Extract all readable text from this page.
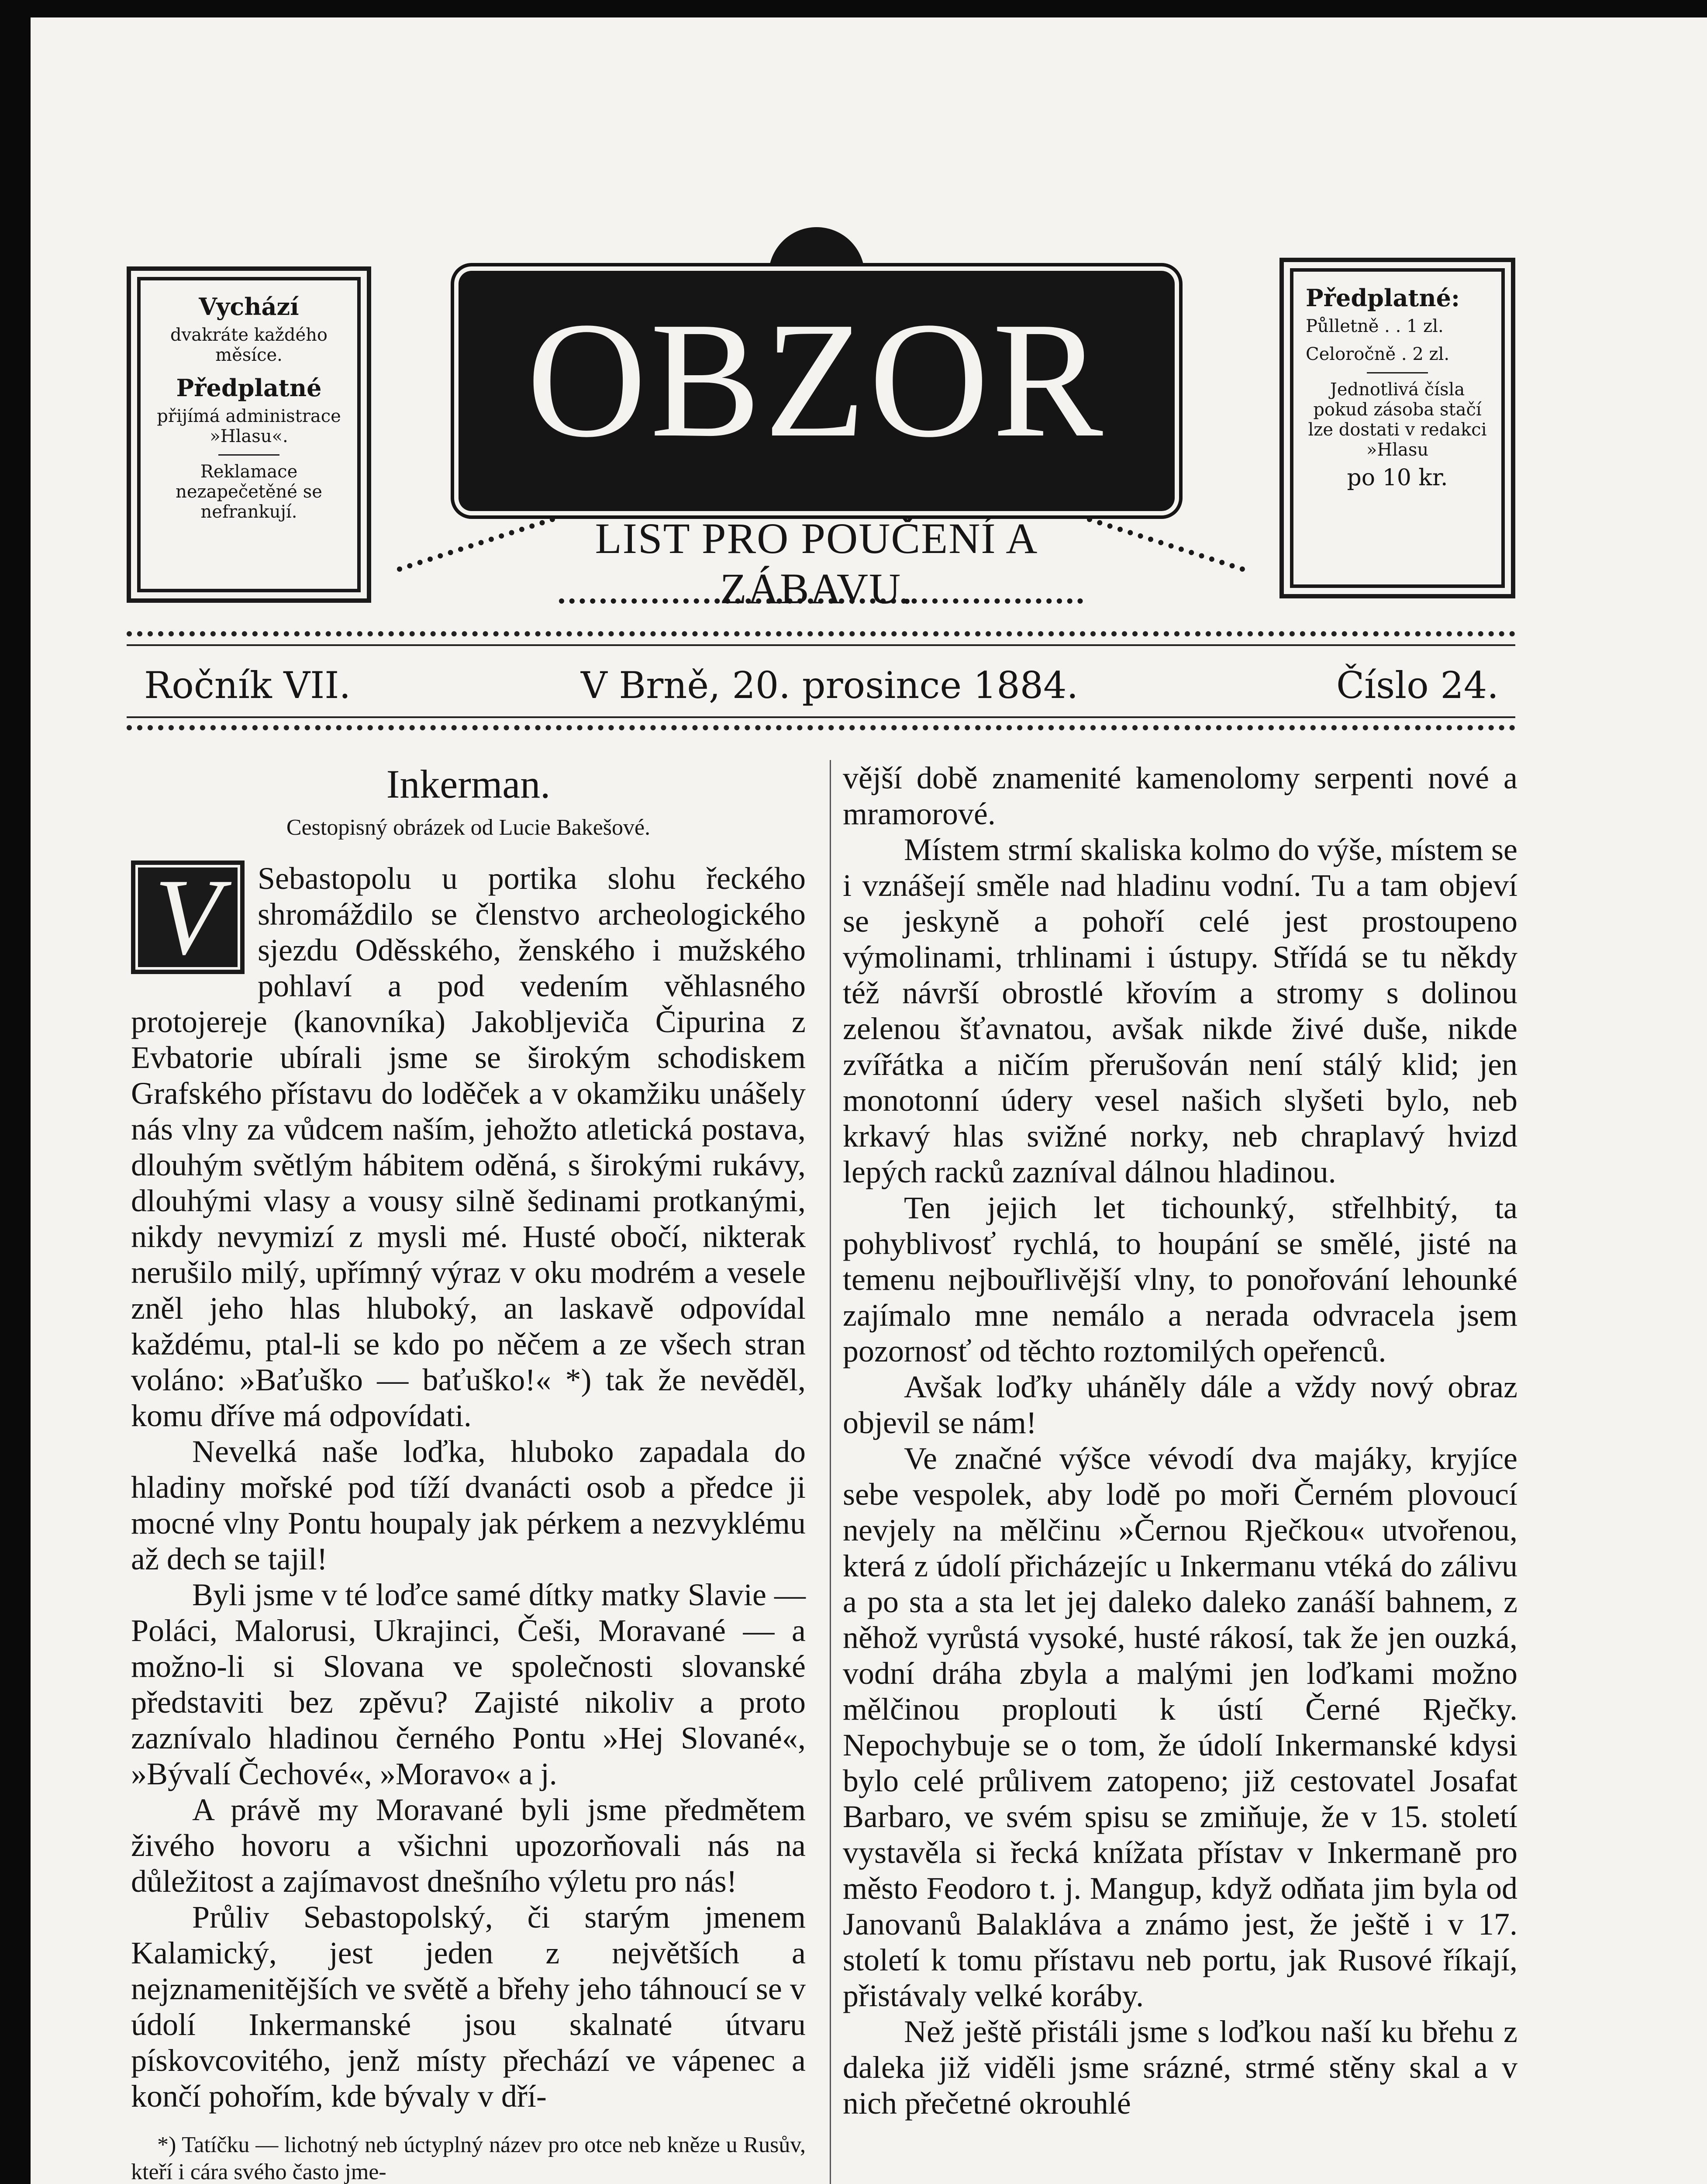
Vychází

dvakráte každého měsíce.

Předplatné

přijímá administrace »Hlasu«.

Reklamace nezapečetěné se nefrankují.

OBZOR
LIST PRO POUČENÍ A ZÁBAVU.
Předplatné:

Půlletně . . 1 zl.

Celoročně . 2 zl.

Jednotlivá čísla pokud zásoba stačí lze dostati v redakci »Hlasu

po 10 kr.

Ročník VII.	V Brně, 20. prosince 1884.	Číslo 24.

Inkerman.

Cestopisný obrázek od Lucie Bakešové.

V	Sebastopolu u portika slohu řeckého shromáždilo se členstvo archeologického sjezdu Oděsského, ženského i mužského pohlaví a pod vedením věhlasného protojereje (kanovníka) Jakobljeviča Čipurina z Evbatorie ubírali jsme se širokým schodiskem Grafského přístavu do loděček a v okamžiku unášely nás vlny za vůdcem naším, jehožto atletická postava, dlouhým světlým hábitem oděná, s širokými rukávy, dlouhými vlasy a vousy silně šedinami protkanými, nikdy nevymizí z mysli mé. Husté obočí, nikterak nerušilo milý, upřímný výraz v oku modrém a vesele zněl jeho hlas hluboký, an laskavě odpovídal každému, ptal-li se kdo po něčem a ze všech stran voláno: »Baťuško — baťuško!« *) tak že nevěděl, komu dříve má odpovídati.

Nevelká naše loďka, hluboko zapadala do hladiny mořské pod tíží dvanácti osob a předce ji mocné vlny Pontu houpaly jak pérkem a nezvyklému až dech se tajil!

Byli jsme v té loďce samé dítky matky Slavie — Poláci, Malorusi, Ukrajinci, Češi, Moravané — a možno-li si Slovana ve společnosti slovanské představiti bez zpěvu? Zajisté nikoliv a proto zaznívalo hladinou černého Pontu »Hej Slované«, »Bývalí Čechové«, »Moravo« a j.

A právě my Moravané byli jsme předmětem živého hovoru a všichni upozorňovali nás na důležitost a zajímavost dnešního výletu pro nás!

Průliv Sebastopolský, či starým jmenem Kalamický, jest jeden z největších a nejznamenitějších ve světě a břehy jeho táhnoucí se v údolí Inkermanské jsou skalnaté útvaru pískovcovitého, jenž místy přechází ve vápenec a končí pohořím, kde bývaly v dří-

*) Tatíčku — lichotný neb úctyplný název pro otce neb kněze u Rusův, kteří i cára svého často jme-

vější době znamenité kamenolomy serpenti nové a mramorové.

Místem strmí skaliska kolmo do výše, místem se i vznášejí směle nad hladinu vodní. Tu a tam objeví se jeskyně a pohoří celé jest prostoupeno výmolinami, trhlinami i ústupy. Střídá se tu někdy též návrší obrostlé křovím a stromy s dolinou zelenou šťavnatou, avšak nikde živé duše, nikde zvířátka a ničím přerušován není stálý klid; jen monotonní údery vesel našich slyšeti bylo, neb krkavý hlas svižné norky, neb chraplavý hvizd lepých racků zazníval dálnou hladinou.

Ten jejich let tichounký, střelhbitý, ta pohyblivosť rychlá, to houpání se smělé, jisté na temenu nejbouřlivější vlny, to ponořování lehounké zajímalo mne nemálo a nerada odvracela jsem pozornosť od těchto roztomilých opeřenců.

Avšak loďky uháněly dále a vždy nový obraz objevil se nám!

Ve značné výšce vévodí dva majáky, kryjíce sebe vespolek, aby lodě po moři Černém plovoucí nevjely na mělčinu »Černou Rječkou« utvořenou, která z údolí přicházejíc u Inkermanu vtéká do zálivu a po sta a sta let jej daleko daleko zanáší bahnem, z něhož vyrůstá vysoké, husté rákosí, tak že jen ouzká, vodní dráha zbyla a malými jen loďkami možno mělčinou proplouti k ústí Černé Rječky. Nepochybuje se o tom, že údolí Inkermanské kdysi bylo celé průlivem zatopeno; již cestovatel Josafat Barbaro, ve svém spisu se zmiňuje, že v 15. století vystavěla si řecká knížata přístav v Inkermaně pro město Feodoro t. j. Mangup, když odňata jim byla od Janovanů Balakláva a známo jest, že ještě i v 17. století k tomu přístavu neb portu, jak Rusové říkají, přistávaly velké koráby.

Než ještě přistáli jsme s loďkou naší ku břehu z daleka již viděli jsme srázné, strmé stěny skal a v nich přečetné okrouhlé
